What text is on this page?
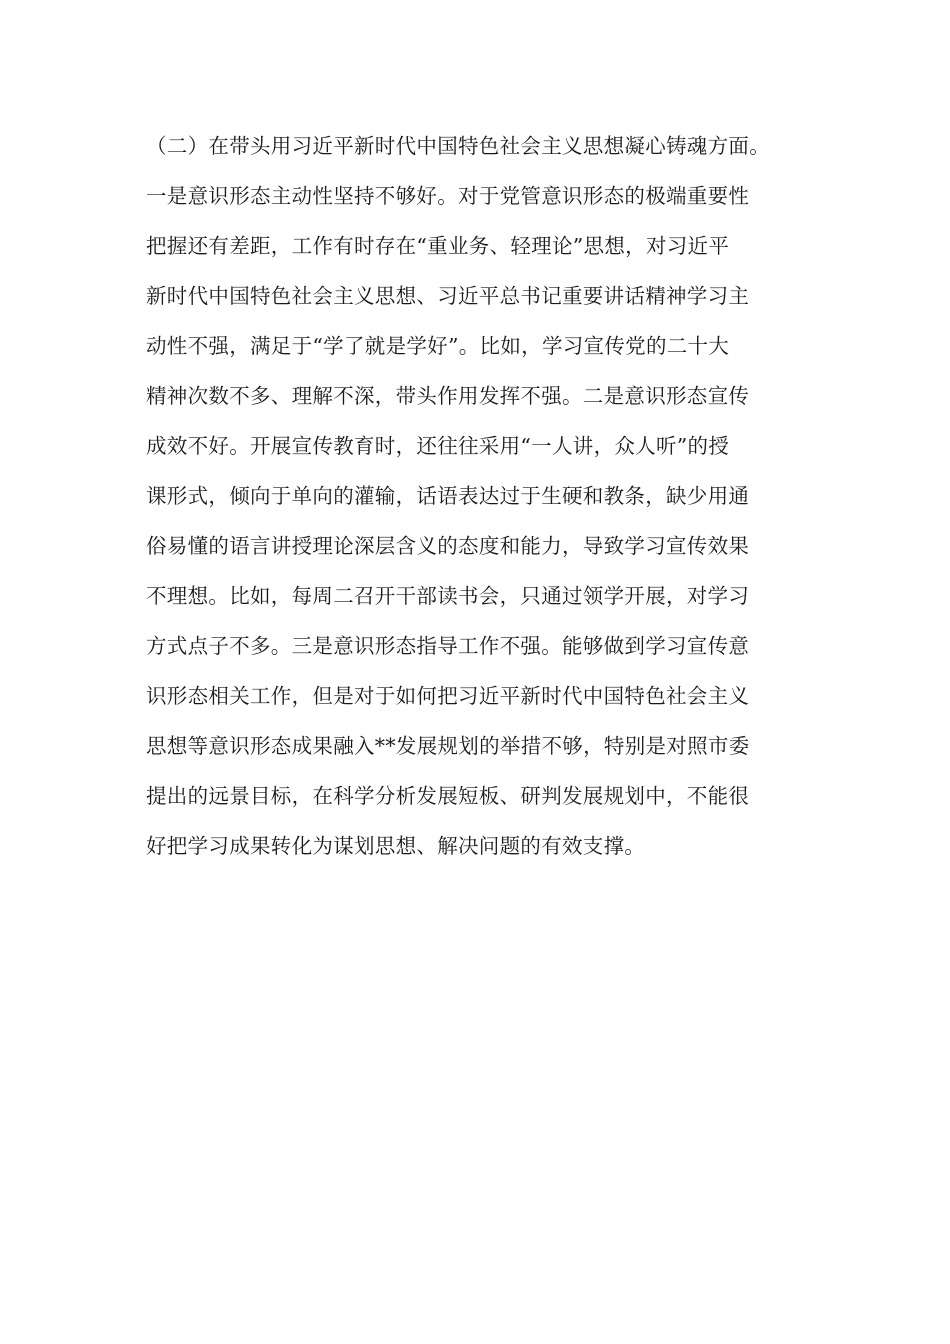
（二）在带头用习近平新时代中国特色社会主义思想凝心铸魂方面。
一是意识形态主动性坚持不够好。对于党管意识形态的极端重要性
把握还有差距，工作有时存在“重业务、轻理论”思想，对习近平
新时代中国特色社会主义思想、习近平总书记重要讲话精神学习主
动性不强，满足于“学了就是学好”。比如，学习宣传党的二十大
精神次数不多、理解不深，带头作用发挥不强。二是意识形态宣传
成效不好。开展宣传教育时，还往往采用“一人讲，众人听”的授
课形式，倾向于单向的灌输，话语表达过于生硬和教条，缺少用通
俗易懂的语言讲授理论深层含义的态度和能力，导致学习宣传效果
不理想。比如，每周二召开干部读书会，只通过领学开展，对学习
方式点子不多。三是意识形态指导工作不强。能够做到学习宣传意
识形态相关工作，但是对于如何把习近平新时代中国特色社会主义
思想等意识形态成果融入**发展规划的举措不够，特别是对照市委
提出的远景目标，在科学分析发展短板、研判发展规划中，不能很
好把学习成果转化为谋划思想、解决问题的有效支撑。
